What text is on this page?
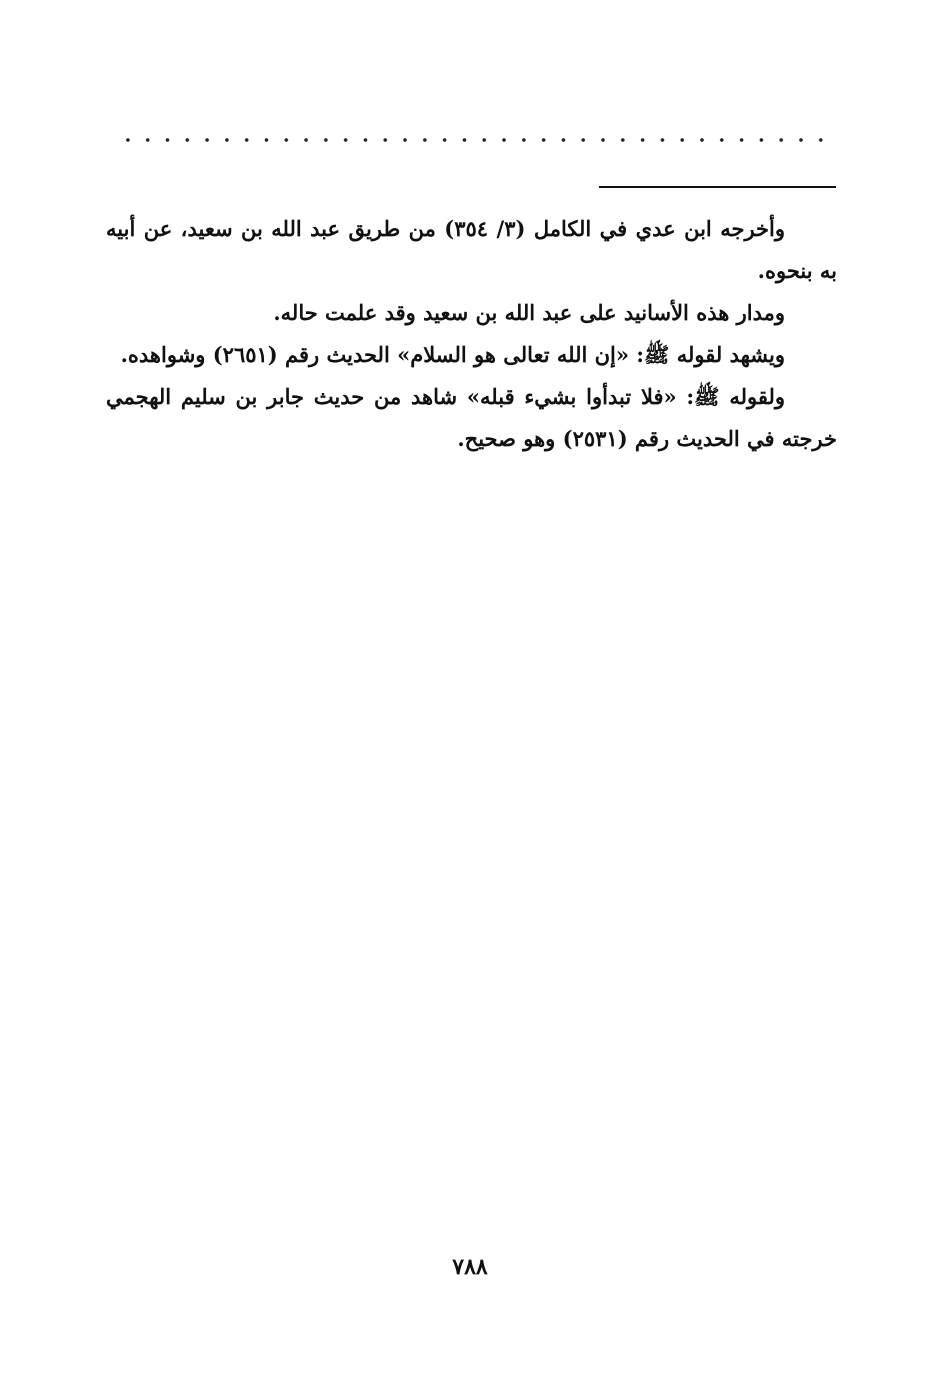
وأخرجه ابن عدي في الكامل (٣/ ٣٥٤) من طريق عبد الله بن سعيد، عن أبيه به بنحوه.

ومدار هذه الأسانيد على عبد الله بن سعيد وقد علمت حاله.

ويشهد لقوله ﷺ: «إن الله تعالى هو السلام» الحديث رقم (٢٦٥١) وشواهده.

ولقوله ﷺ: «فلا تبدأوا بشيء قبله» شاهد من حديث جابر بن سليم الهجمي خرجته في الحديث رقم (٢٥٣١) وهو صحيح.

٧٨٨
